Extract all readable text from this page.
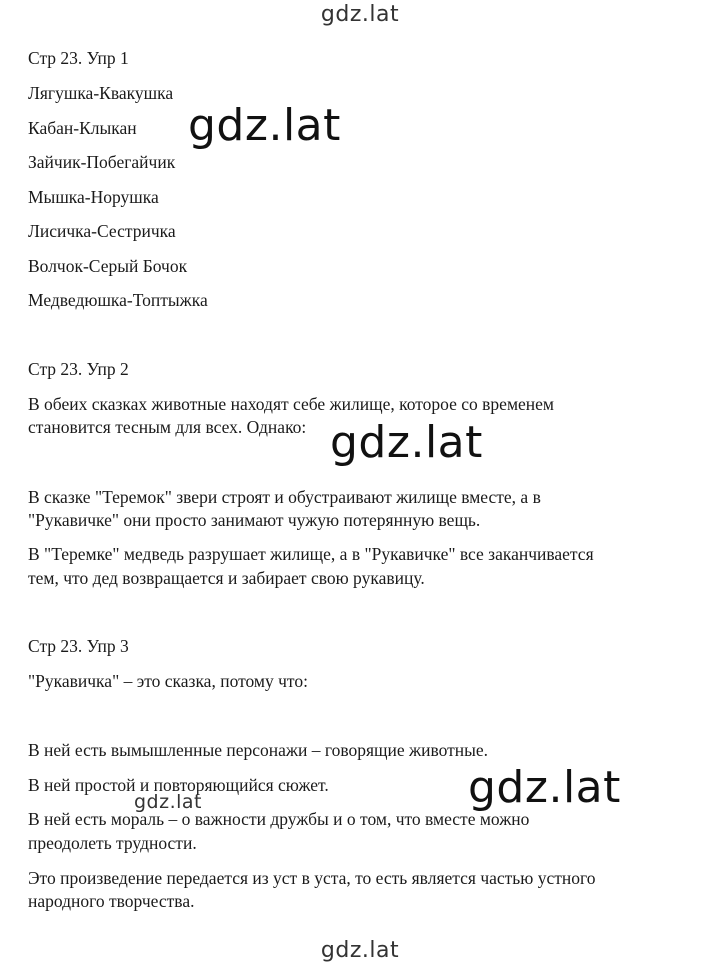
gdz.lat
Стр 23. Упр 1
Лягушка-Квакушка
Кабан-Клыкан
Зайчик-Побегайчик
Мышка-Норушка
Лисичка-Сестричка
Волчок-Серый Бочок
Медведюшка-Топтыжка
Стр 23. Упр 2
В обеих сказках животные находят себе жилище, которое со временем
становится тесным для всех. Однако:
В сказке "Теремок" звери строят и обустраивают жилище вместе, а в
"Рукавичке" они просто занимают чужую потерянную вещь.
В "Теремке" медведь разрушает жилище, а в "Рукавичке" все заканчивается
тем, что дед возвращается и забирает свою рукавицу.
Стр 23. Упр 3
"Рукавичка" – это сказка, потому что:
В ней есть вымышленные персонажи – говорящие животные.
В ней простой и повторяющийся сюжет.
В ней есть мораль – о важности дружбы и о том, что вместе можно
преодолеть трудности.
Это произведение передается из уст в уста, то есть является частью устного
народного творчества.
gdz.lat
gdz.lat
gdz.lat
gdz.lat
gdz.lat
